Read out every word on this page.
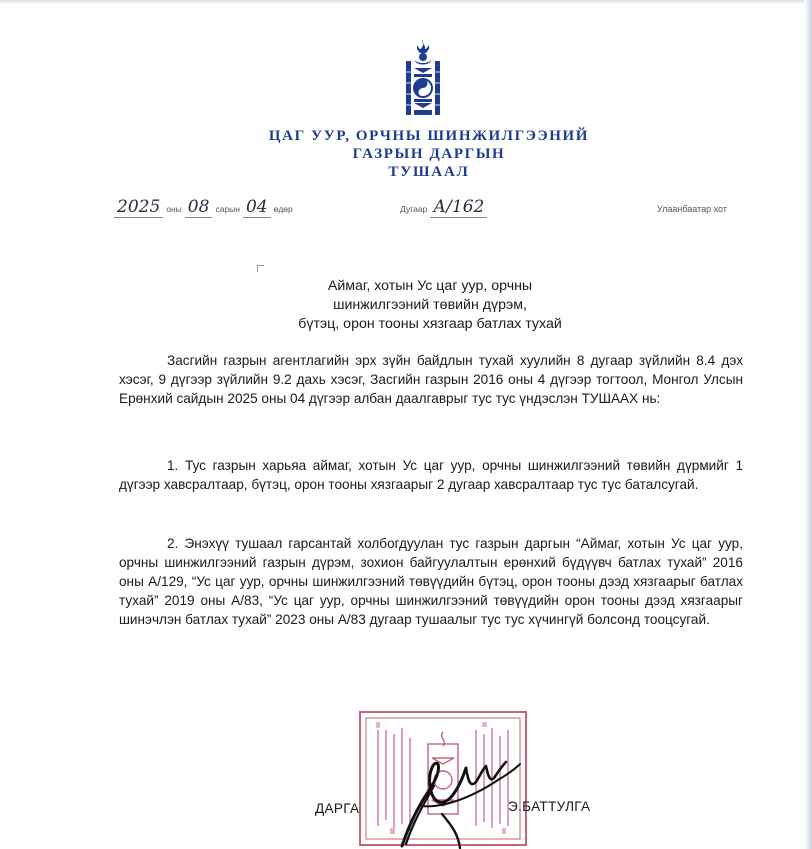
ЦАГ УУР, ОРЧНЫ ШИНЖИЛГЭЭНИЙ
ГАЗРЫН ДАРГЫН
ТУШААЛ
2025 оны 08 сарын 04 өдөр	Дугаар А/162	Улаанбаатар хот
Аймаг, хотын Ус цаг уур, орчны
шинжилгээний төвийн дүрэм,
бүтэц, орон тооны хязгаар батлах тухай
Засгийн газрын агентлагийн эрх зүйн байдлын тухай хуулийн 8 дугаар зүйлийн 8.4 дэх хэсэг, 9 дүгээр зүйлийн 9.2 дахь хэсэг, Засгийн газрын 2016 оны 4 дүгээр тогтоол, Монгол Улсын Ерөнхий сайдын 2025 оны 04 дүгээр албан даалгаврыг тус тус үндэслэн ТУШААХ нь:
1. Тус газрын харьяа аймаг, хотын Ус цаг уур, орчны шинжилгээний төвийн дүрмийг 1 дүгээр хавсралтаар, бүтэц, орон тооны хязгаарыг 2 дугаар хавсралтаар тус тус баталсугай.
2. Энэхүү тушаал гарсантай холбогдуулан тус газрын даргын “Аймаг, хотын Ус цаг уур, орчны шинжилгээний газрын дүрэм, зохион байгуулалтын ерөнхий бүдүүвч батлах тухай” 2016 оны А/129, “Ус цаг уур, орчны шинжилгээний төвүүдийн бүтэц, орон тооны дээд хязгаарыг батлах тухай” 2019 оны А/83, “Ус цаг уур, орчны шинжилгээний төвүүдийн орон тооны дээд хязгаарыг шинэчлэн батлах тухай” 2023 оны А/83 дугаар тушаалыг тус тус хүчингүй болсонд тооцсугай.
ДАРГА	Э.БАТТУЛГА
